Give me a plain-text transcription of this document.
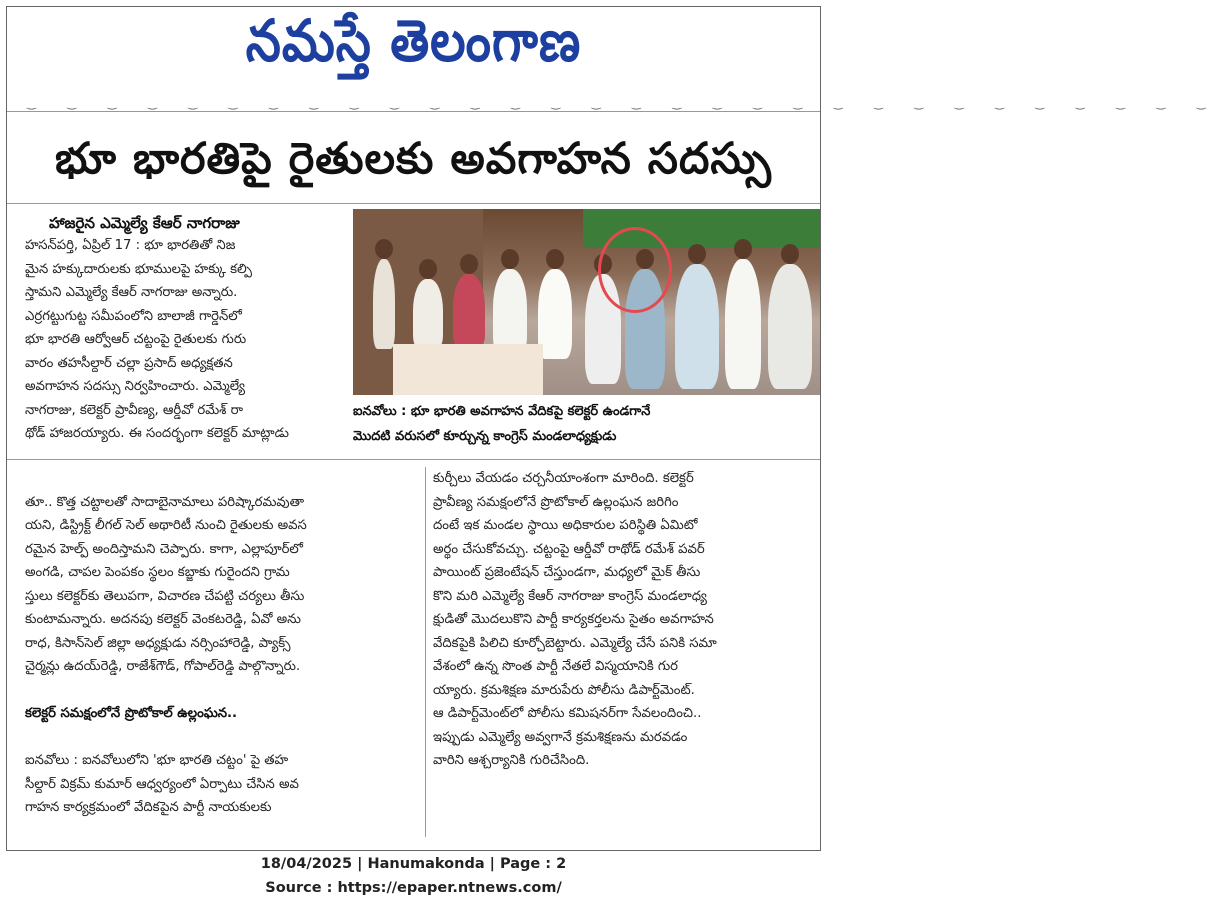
నమస్తే తెలంగాణ
‿ ‿ ‿ ‿ ‿ ‿ ‿ ‿ ‿ ‿ ‿ ‿ ‿ ‿ ‿ ‿ ‿ ‿ ‿ ‿ ‿ ‿ ‿ ‿ ‿ ‿ ‿ ‿ ‿ ‿
భూ భారతిపై రైతులకు అవగాహన సదస్సు
హాజరైన ఎమ్మెల్యే కేఆర్ నాగరాజు
హసన్‌పర్తి, ఏప్రిల్ 17 : భూ భారతితో నిజ
మైన హక్కుదారులకు భూములపై హక్కు కల్పి
స్తామని ఎమ్మెల్యే కేఆర్ నాగరాజు అన్నారు.
ఎర్రగట్టుగుట్ట సమీపంలోని బాలాజీ గార్డెన్‌లో
భూ భారతి ఆర్వోఆర్ చట్టంపై రైతులకు గురు
వారం తహసీల్దార్ చల్లా ప్రసాద్ అధ్యక్షతన
అవగాహన సదస్సు నిర్వహించారు. ఎమ్మెల్యే
నాగరాజు, కలెక్టర్ ప్రావీణ్య, ఆర్డీవో రమేశ్ రా
థోడ్ హాజరయ్యారు. ఈ సందర్భంగా కలెక్టర్ మాట్లాడు
ఐనవోలు : భూ భారతి అవగాహన వేదికపై కలెక్టర్ ఉండగానే
మొదటి వరుసలో కూర్చున్న కాంగ్రెస్ మండలాధ్యక్షుడు

తూ.. కొత్త చట్టాలతో సాదాబైనామాలు పరిష్కారమవుతా
యని, డిస్ట్రిక్ట్ లీగల్ సెల్ అథారిటీ నుంచి రైతులకు అవస
రమైన హెల్ప్ అందిస్తామని చెప్పారు. కాగా, ఎల్లాపూర్‌లో
అంగడి, చాపల పెంపకం స్థలం కబ్జాకు గురైందని గ్రామ
స్తులు కలెక్టర్‌కు తెలుపగా, విచారణ చేపట్టి చర్యలు తీసు
కుంటామన్నారు. అదనపు కలెక్టర్ వెంకటరెడ్డి, ఏవో అను
రాధ, కిసాన్‌సెల్ జిల్లా అధ్యక్షుడు నర్సింహారెడ్డి, ప్యాక్స్
చైర్మన్లు ఉదయ్‌రెడ్డి, రాజేశ్‌గౌడ్, గోపాల్‌రెడ్డి పాల్గొన్నారు.

కలెక్టర్ సమక్షంలోనే ప్రొటోకాల్ ఉల్లంఘన..

ఐనవోలు : ఐనవోలులోని 'భూ భారతి చట్టం' పై తహ
సీల్దార్ విక్రమ్ కుమార్ ఆధ్వర్యంలో ఏర్పాటు చేసిన అవ
గాహన కార్యక్రమంలో వేదికపైన పార్టీ నాయకులకు

కుర్చీలు వేయడం చర్చనీయాంశంగా మారింది. కలెక్టర్
ప్రావీణ్య సమక్షంలోనే ప్రొటోకాల్ ఉల్లంఘన జరిగిం
దంటే ఇక మండల స్థాయి అధికారుల పరిస్థితి ఏమిటో
అర్థం చేసుకోవచ్చు. చట్టంపై ఆర్డీవో రాథోడ్ రమేశ్ పవర్
పాయింట్ ప్రజెంటేషన్ చేస్తుండగా, మధ్యలో మైక్ తీసు
కొని మరి ఎమ్మెల్యే కేఆర్ నాగరాజు కాంగ్రెస్ మండలాధ్య
క్షుడితో మొదలుకొని పార్టీ కార్యకర్తలను సైతం అవగాహన
వేదికపైకి పిలిచి కూర్చోబెట్టారు. ఎమ్మెల్యే చేసే పనికి సమా
వేశంలో ఉన్న సొంత పార్టీ నేతలే విస్మయానికి గుర
య్యారు. క్రమశిక్షణ మారుపేరు పోలీసు డిపార్ట్‌మెంట్.
ఆ డిపార్ట్‌మెంట్‌లో పోలీసు కమిషనర్‌గా సేవలందించి..
ఇప్పుడు ఎమ్మెల్యే అవ్వగానే క్రమశిక్షణను మరవడం
వారిని ఆశ్చర్యానికి గురిచేసింది.
18/04/2025 | Hanumakonda | Page : 2
Source : https://epaper.ntnews.com/
